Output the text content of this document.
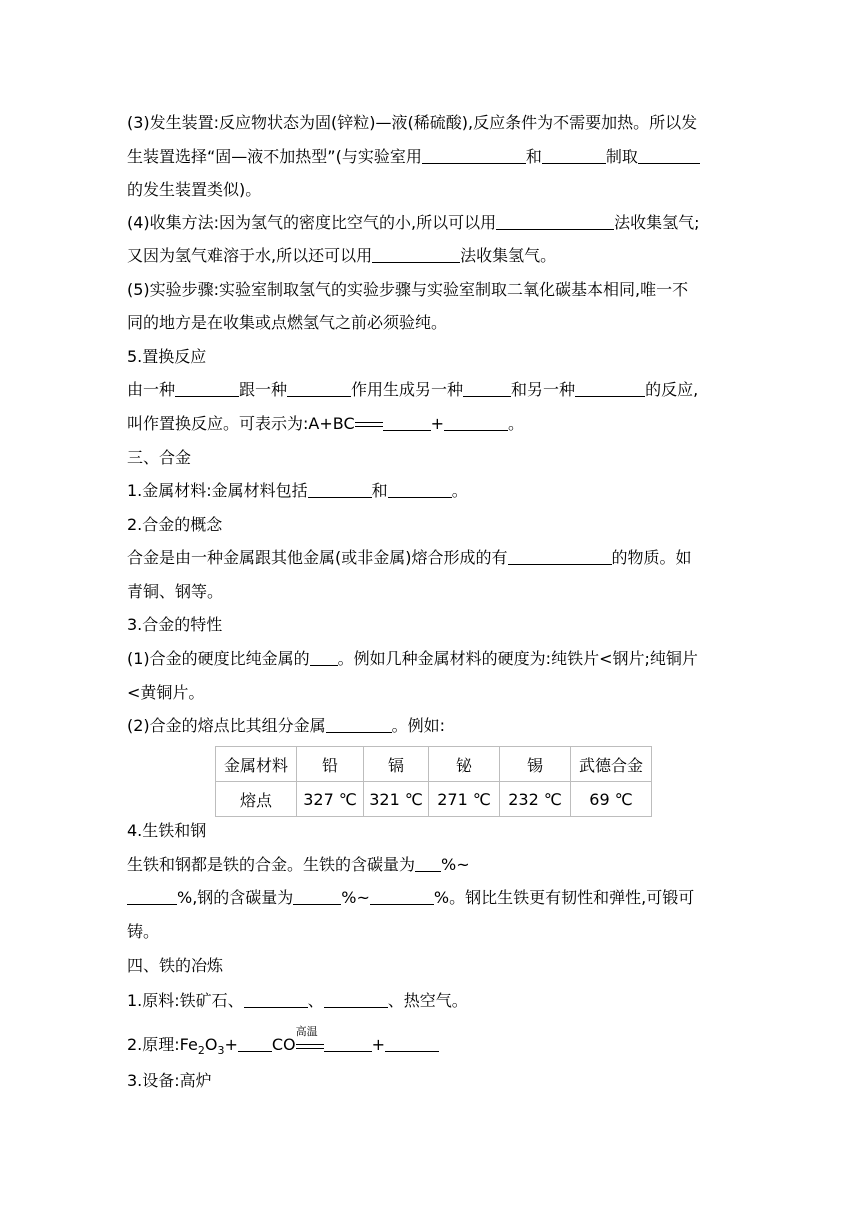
(3)发生装置:反应物状态为固(锌粒)—液(稀硫酸),反应条件为不需要加热。所以发
生装置选择“固—液不加热型”(与实验室用	和	制取
的发生装置类似)。
(4)收集方法:因为氢气的密度比空气的小,所以可以用	法收集氢气;
又因为氢气难溶于水,所以还可以用	法收集氢气。
(5)实验步骤:实验室制取氢气的实验步骤与实验室制取二氧化碳基本相同,唯一不
同的地方是在收集或点燃氢气之前必须验纯。
5.置换反应
由一种	跟一种	作用生成另一种	和另一种	的反应,
叫作置换反应。可表示为:A+BC	+	。
三、合金
1.金属材料:金属材料包括	和	。
2.合金的概念
合金是由一种金属跟其他金属(或非金属)熔合形成的有	的物质。如
青铜、钢等。
3.合金的特性
(1)合金的硬度比纯金属的 。例如几种金属材料的硬度为:纯铁片<钢片;纯铜片
<黄铜片。
(2)合金的熔点比其组分金属	。例如:
金属材料	铅	镉	铋	锡	武德合金
熔点	327 ℃	321 ℃	271 ℃	232 ℃	69 ℃
4.生铁和钢
生铁和钢都是铁的合金。生铁的含碳量为 %~
%,钢的含碳量为	%~	%。钢比生铁更有韧性和弹性,可锻可
铸。
四、铁的冶炼
1.原料:铁矿石、	、	、热空气。
2.原理$:Fe_2O_3+$ CO
高温
+
3.设备:高炉
